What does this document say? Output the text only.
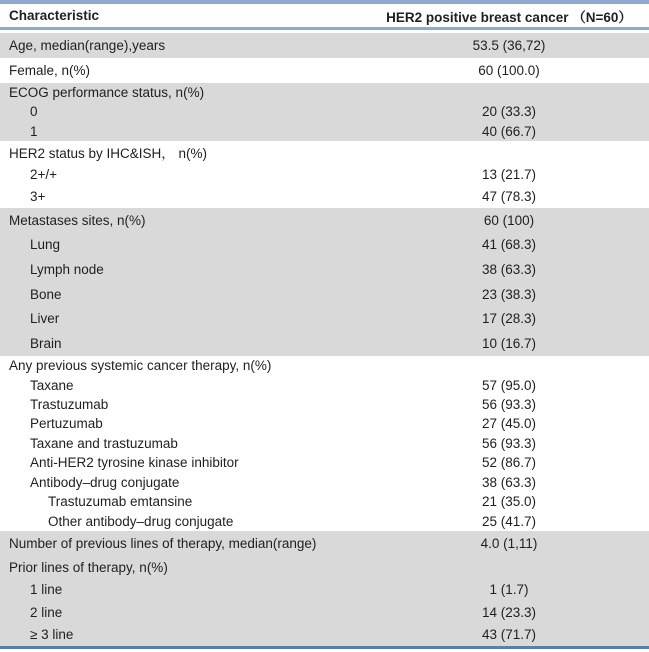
Characteristic	HER2 positive breast cancer （N=60）
Age, median(range),years	53.5 (36,72)
Female, n(%)	60 (100.0)
ECOG performance status, n(%)
0	20 (33.3)
1	40 (66.7)
HER2 status by IHC&ISH， n(%)
2+/+	13 (21.7)
3+	47 (78.3)
Metastases sites, n(%)	60 (100)
Lung	41 (68.3)
Lymph node	38 (63.3)
Bone	23 (38.3)
Liver	17 (28.3)
Brain	10 (16.7)
Any previous systemic cancer therapy, n(%)
Taxane	57 (95.0)
Trastuzumab	56 (93.3)
Pertuzumab	27 (45.0)
Taxane and trastuzumab	56 (93.3)
Anti-HER2 tyrosine kinase inhibitor	52 (86.7)
Antibody–drug conjugate	38 (63.3)
Trastuzumab emtansine	21 (35.0)
Other antibody–drug conjugate	25 (41.7)
Number of previous lines of therapy, median(range)	4.0 (1,11)
Prior lines of therapy, n(%)
1 line	1 (1.7)
2 line	14 (23.3)
≥ 3 line	43 (71.7)
